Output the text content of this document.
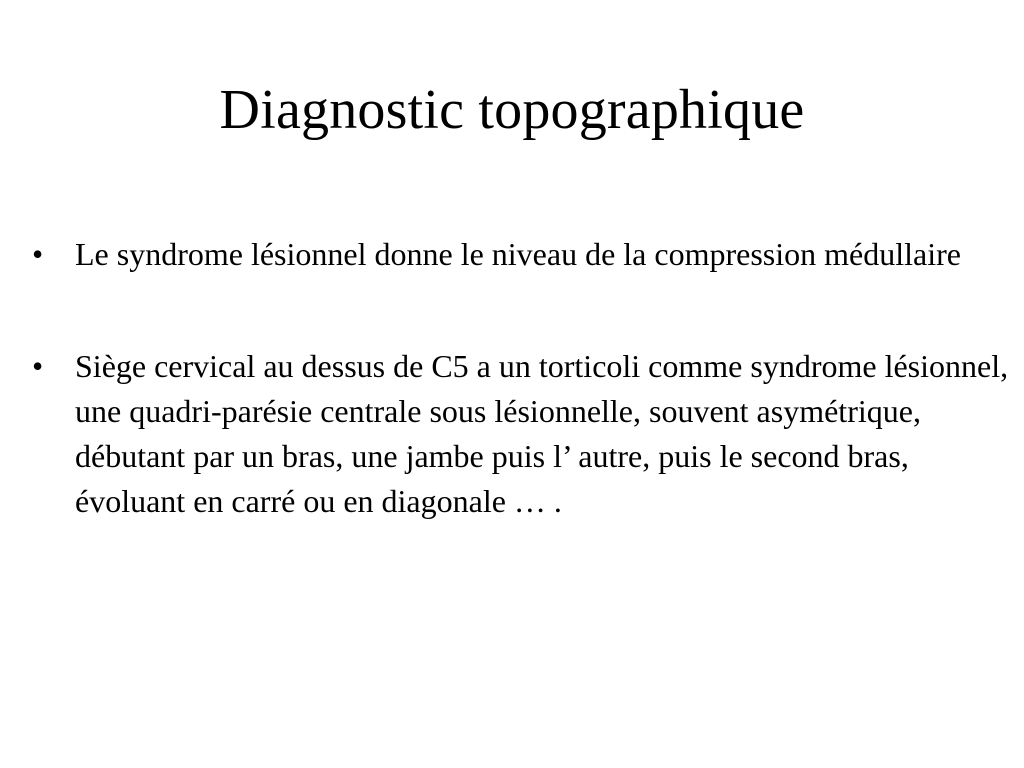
Diagnostic topographique
• Le syndrome lésionnel donne le niveau de la compression médullaire
• Siège cervical au dessus de C5 a un torticoli comme syndrome lésionnel, une quadri-parésie centrale sous lésionnelle, souvent asymétrique, débutant par un bras, une jambe puis l’ autre, puis le second bras, évoluant en carré ou en diagonale … .
